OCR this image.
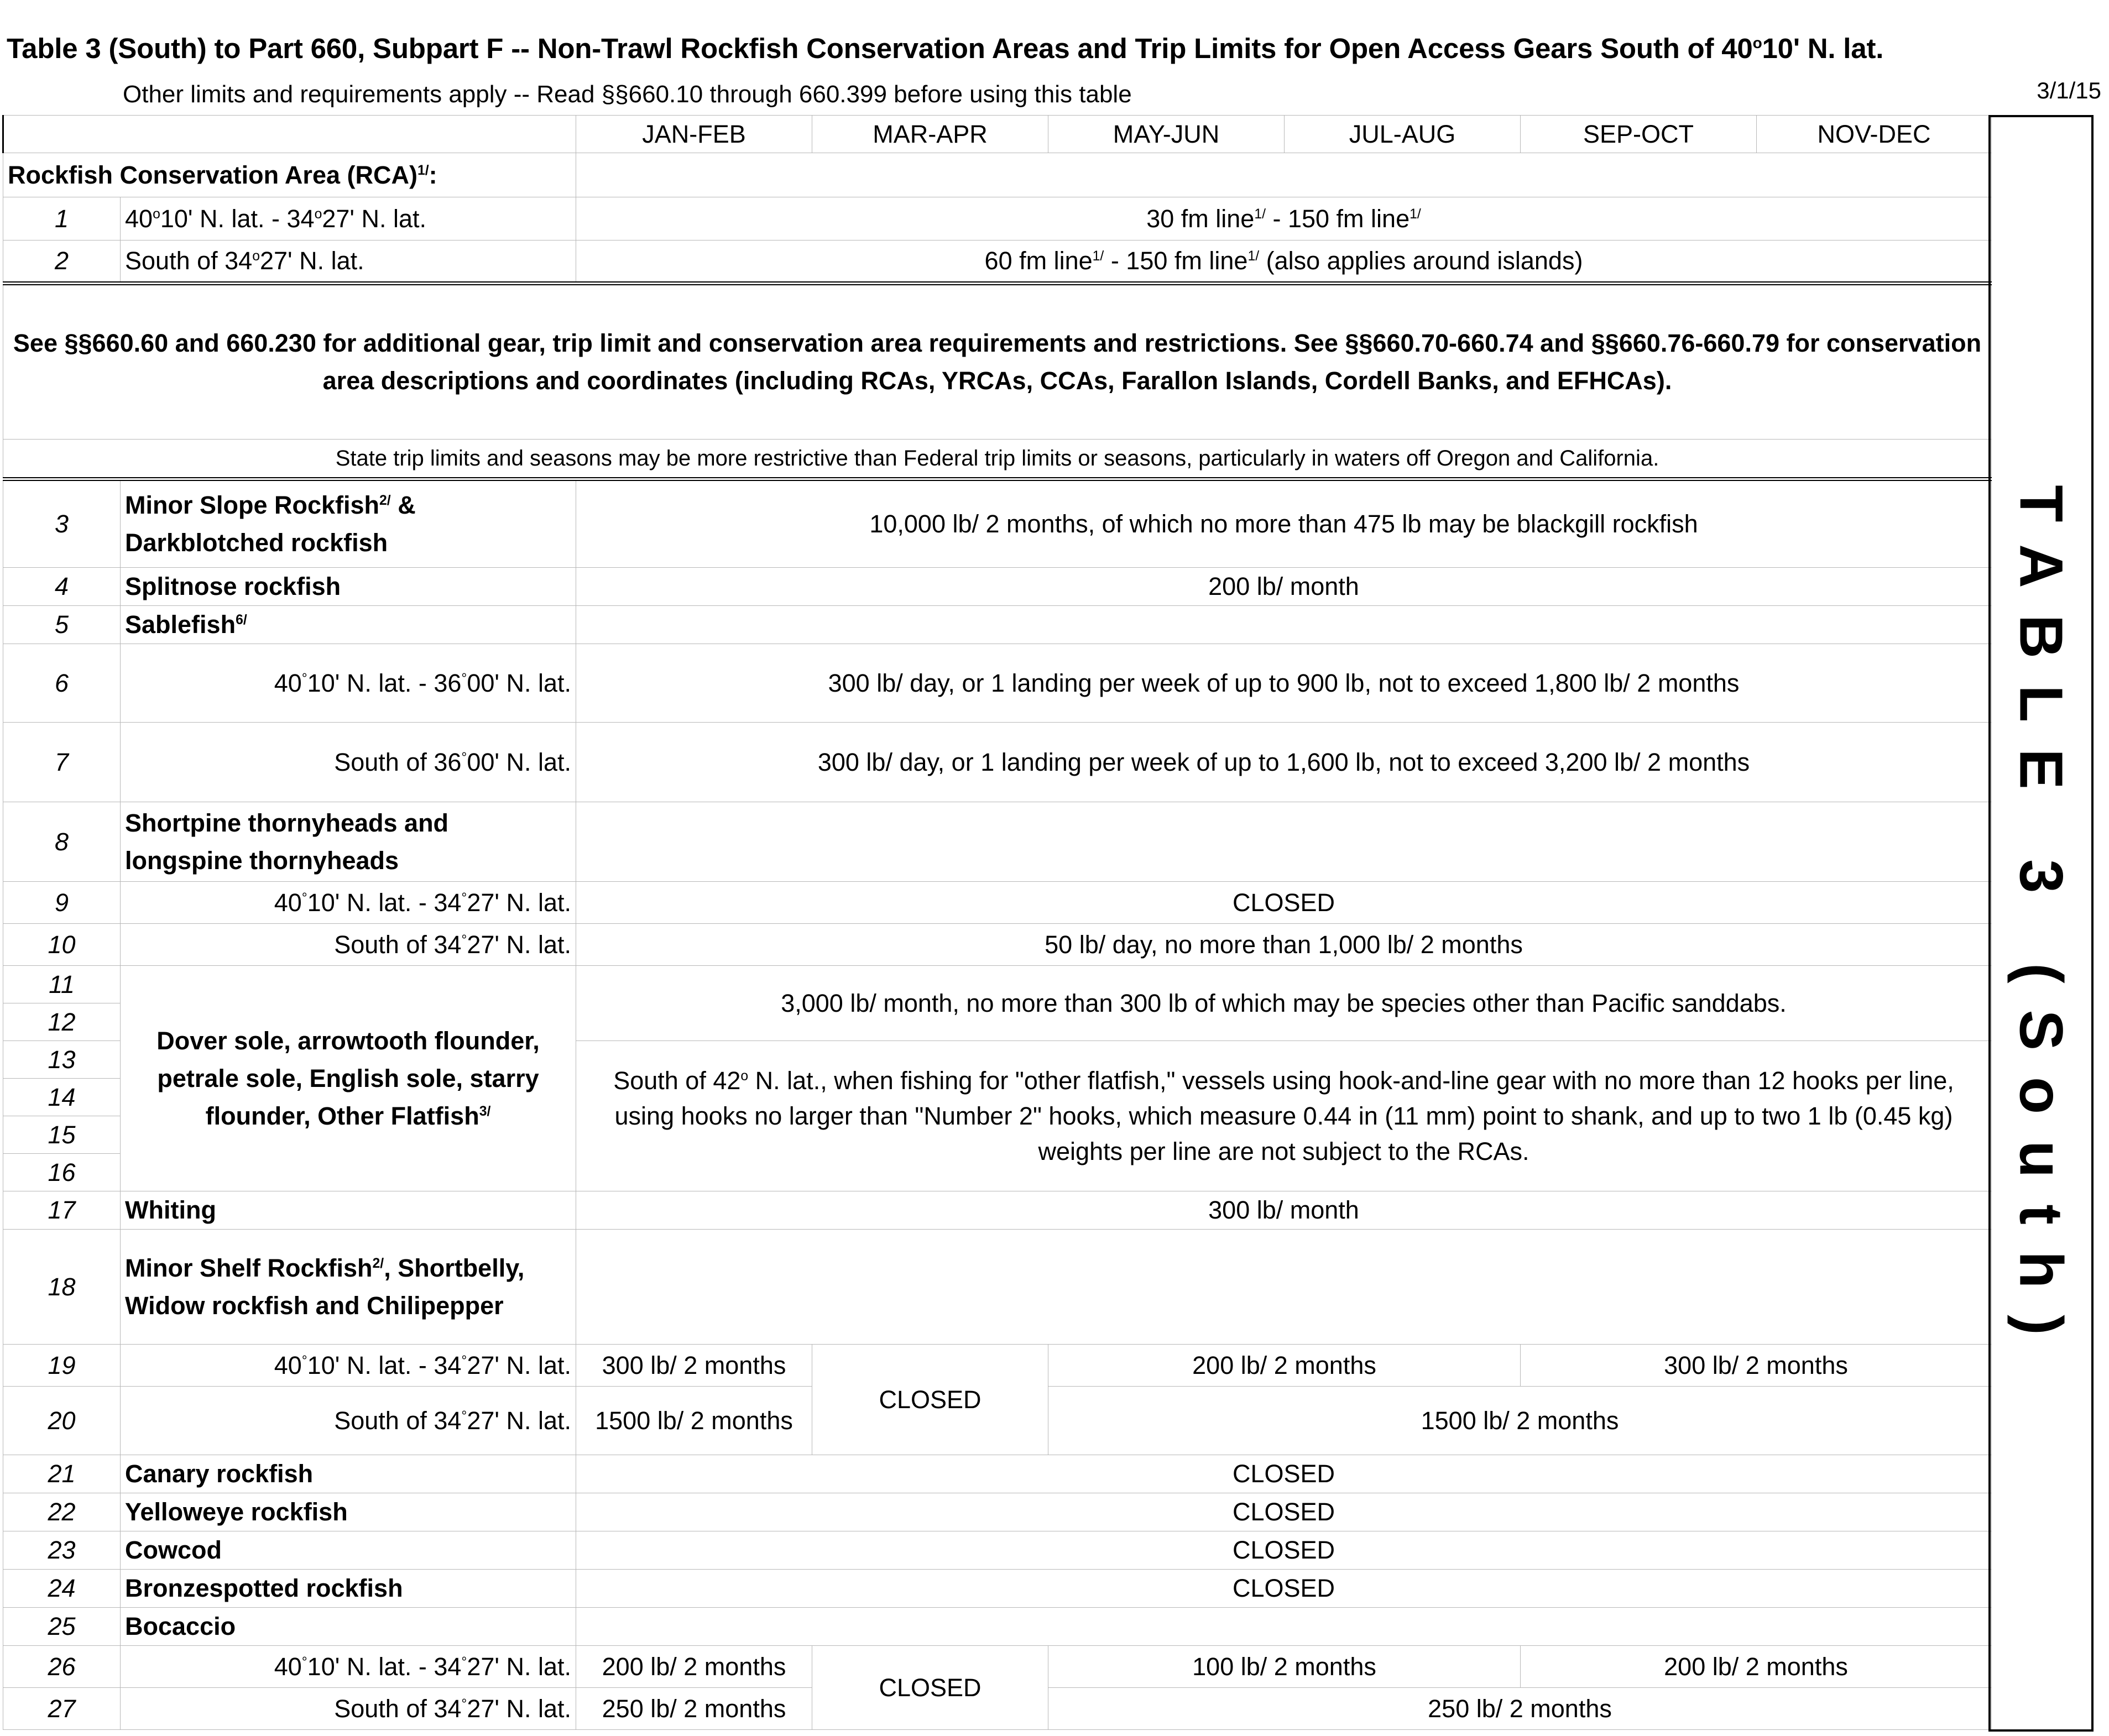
Table 3 (South) to Part 660, Subpart F -- Non-Trawl Rockfish Conservation Areas and Trip Limits for Open Access Gears South of 40$^o$10' N. lat.
Other limits and requirements apply -- Read §§660.10 through 660.399 before using this table	3/1/15
		JAN-FEB	MAR-APR	MAY-JUN	JUL-AUG	SEP-OCT	NOV-DEC
Rockfish Conservation Area (RCA)$^{1/}$:							
1	40$^o$10' N. lat. - 34$^o$27' N. lat.	30 fm line$^{1/}$ - 150 fm line$^{1/}$
2	South of 34$^o$27' N. lat.	60 fm line$^{1/}$ - 150 fm line$^{1/}$ (also applies around islands)					
See §§660.60 and 660.230 for additional gear, trip limit and conservation area requirements and restrictions. See §§660.70-660.74 and §§660.76-660.79 for conservation area descriptions and coordinates (including RCAs, YRCAs, CCAs, Farallon Islands, Cordell Banks, and EFHCAs).							
State trip limits and seasons may be more restrictive than Federal trip limits or seasons, particularly in waters off Oregon and California.							
3	Minor Slope Rockfish$^{2/}$ & Darkblotched rockfish	10,000 lb/ 2 months, of which no more than 475 lb may be blackgill rockfish					
4	Splitnose rockfish	200 lb/ month					
5	Sablefish$^{6/}$	
6	40°10' N. lat. - 36°00' N. lat.	300 lb/ day, or 1 landing per week of up to 900 lb, not to exceed 1,800 lb/ 2 months					
7	South of 36°00' N. lat.	300 lb/ day, or 1 landing per week of up to 1,600 lb, not to exceed 3,200 lb/ 2 months					
8	Shortpine thornyheads and longspine thornyheads						
9	40°10' N. lat. - 34°27' N. lat.	CLOSED					
10	South of 34°27' N. lat.	50 lb/ day, no more than 1,000 lb/ 2 months					
11	Dover sole, arrowtooth flounder, petrale sole, English sole, starry flounder, Other Flatfish$^{3/}$	3,000 lb/ month, no more than 300 lb of which may be species other than Pacific sanddabs.					
12							
13		South of 42$^o$ N. lat., when fishing for "other flatfish," vessels using hook-and-line gear with no more than 12 hooks per line, using hooks no larger than "Number 2" hooks, which measure 0.44 in (11 mm) point to shank, and up to two 1 lb (0.45 kg) weights per line are not subject to the RCAs.					
14							
15							
16							
17	Whiting	300 lb/ month					
18	Minor Shelf Rockfish$^{2/}$, Shortbelly, Widow rockfish and Chilipepper						
19	40°10' N. lat. - 34°27' N. lat.	300 lb/ 2 months	CLOSED	200 lb/ 2 months		300 lb/ 2 months	
20	South of 34°27' N. lat.	1500 lb/ 2 months		1500 lb/ 2 months			
21	Canary rockfish	CLOSED					
22	Yelloweye rockfish	CLOSED					
23	Cowcod	CLOSED					
24	Bronzespotted rockfish	CLOSED					
25	Bocaccio						
26	40°10' N. lat. - 34°27' N. lat.	200 lb/ 2 months	CLOSED	100 lb/ 2 months		200 lb/ 2 months	
27	South of 34°27' N. lat.	250 lb/ 2 months		250 lb/ 2 months			
TABLE 3 (South)
